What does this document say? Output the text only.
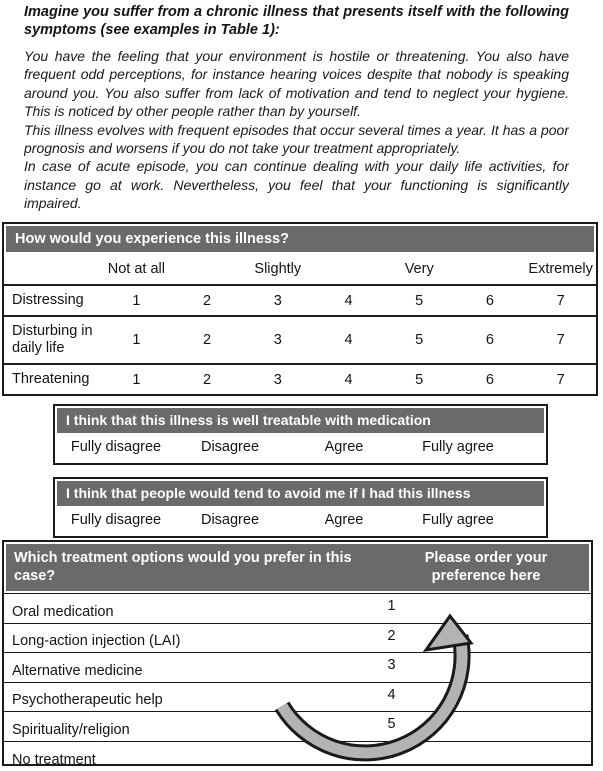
Imagine you suffer from a chronic illness that presents itself with the following symptoms (see examples in Table 1):

You have the feeling that your environment is hostile or threatening. You also have frequent odd perceptions, for instance hearing voices despite that nobody is speaking around you. You also suffer from lack of motivation and tend to neglect your hygiene. This is noticed by other people rather than by yourself.

This illness evolves with frequent episodes that occur several times a year. It has a poor prognosis and worsens if you do not take your treatment appropriately.

In case of acute episode, you can continue dealing with your daily life activities, for instance go at work. Nevertheless, you feel that your functioning is significantly impaired.

How would you experience this illness?
Not at all	Slightly	Very	Extremely
Distressing	1	2	3	4	5	6	7
Disturbing in daily life	1	2	3	4	5	6	7
Threatening	1	2	3	4	5	6	7
I think that this illness is well treatable with medication
Fully disagree	Disagree	Agree	Fully agree
I think that people would tend to avoid me if I had this illness
Fully disagree	Disagree	Agree	Fully agree
Which treatment options would you prefer in this case?
Please order your preference here
Oral medication	1
Long-action injection (LAI)	2
Alternative medicine	3
Psychotherapeutic help	4
Spirituality/religion	5
No treatment	6
